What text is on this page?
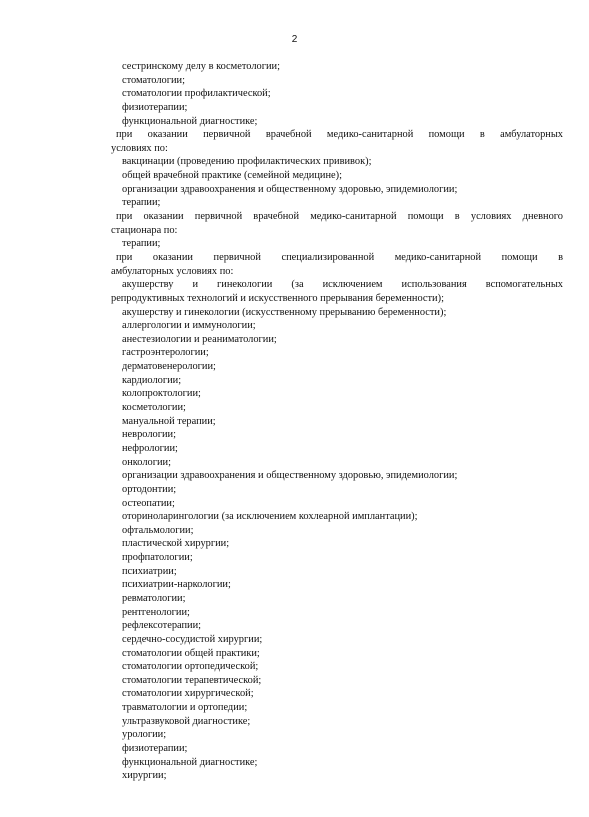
2
сестринскому делу в косметологии;
стоматологии;
стоматологии профилактической;
физиотерапии;
функциональной диагностике;
при оказании первичной врачебной медико-санитарной помощи в амбулаторных
условиях по:
вакцинации (проведению профилактических прививок);
общей врачебной практике (семейной медицине);
организации здравоохранения и общественному здоровью, эпидемиологии;
терапии;
при оказании первичной врачебной медико-санитарной помощи в условиях дневного
стационара по:
терапии;
при оказании первичной специализированной медико-санитарной помощи в
амбулаторных условиях по:
акушерству и гинекологии (за исключением использования вспомогательных
репродуктивных технологий и искусственного прерывания беременности);
акушерству и гинекологии (искусственному прерыванию беременности);
аллергологии и иммунологии;
анестезиологии и реаниматологии;
гастроэнтерологии;
дерматовенерологии;
кардиологии;
колопроктологии;
косметологии;
мануальной терапии;
неврологии;
нефрологии;
онкологии;
организации здравоохранения и общественному здоровью, эпидемиологии;
ортодонтии;
остеопатии;
оториноларингологии (за исключением кохлеарной имплантации);
офтальмологии;
пластической хирургии;
профпатологии;
психиатрии;
психиатрии-наркологии;
ревматологии;
рентгенологии;
рефлексотерапии;
сердечно-сосудистой хирургии;
стоматологии общей практики;
стоматологии ортопедической;
стоматологии терапевтической;
стоматологии хирургической;
травматологии и ортопедии;
ультразвуковой диагностике;
урологии;
физиотерапии;
функциональной диагностике;
хирургии;
